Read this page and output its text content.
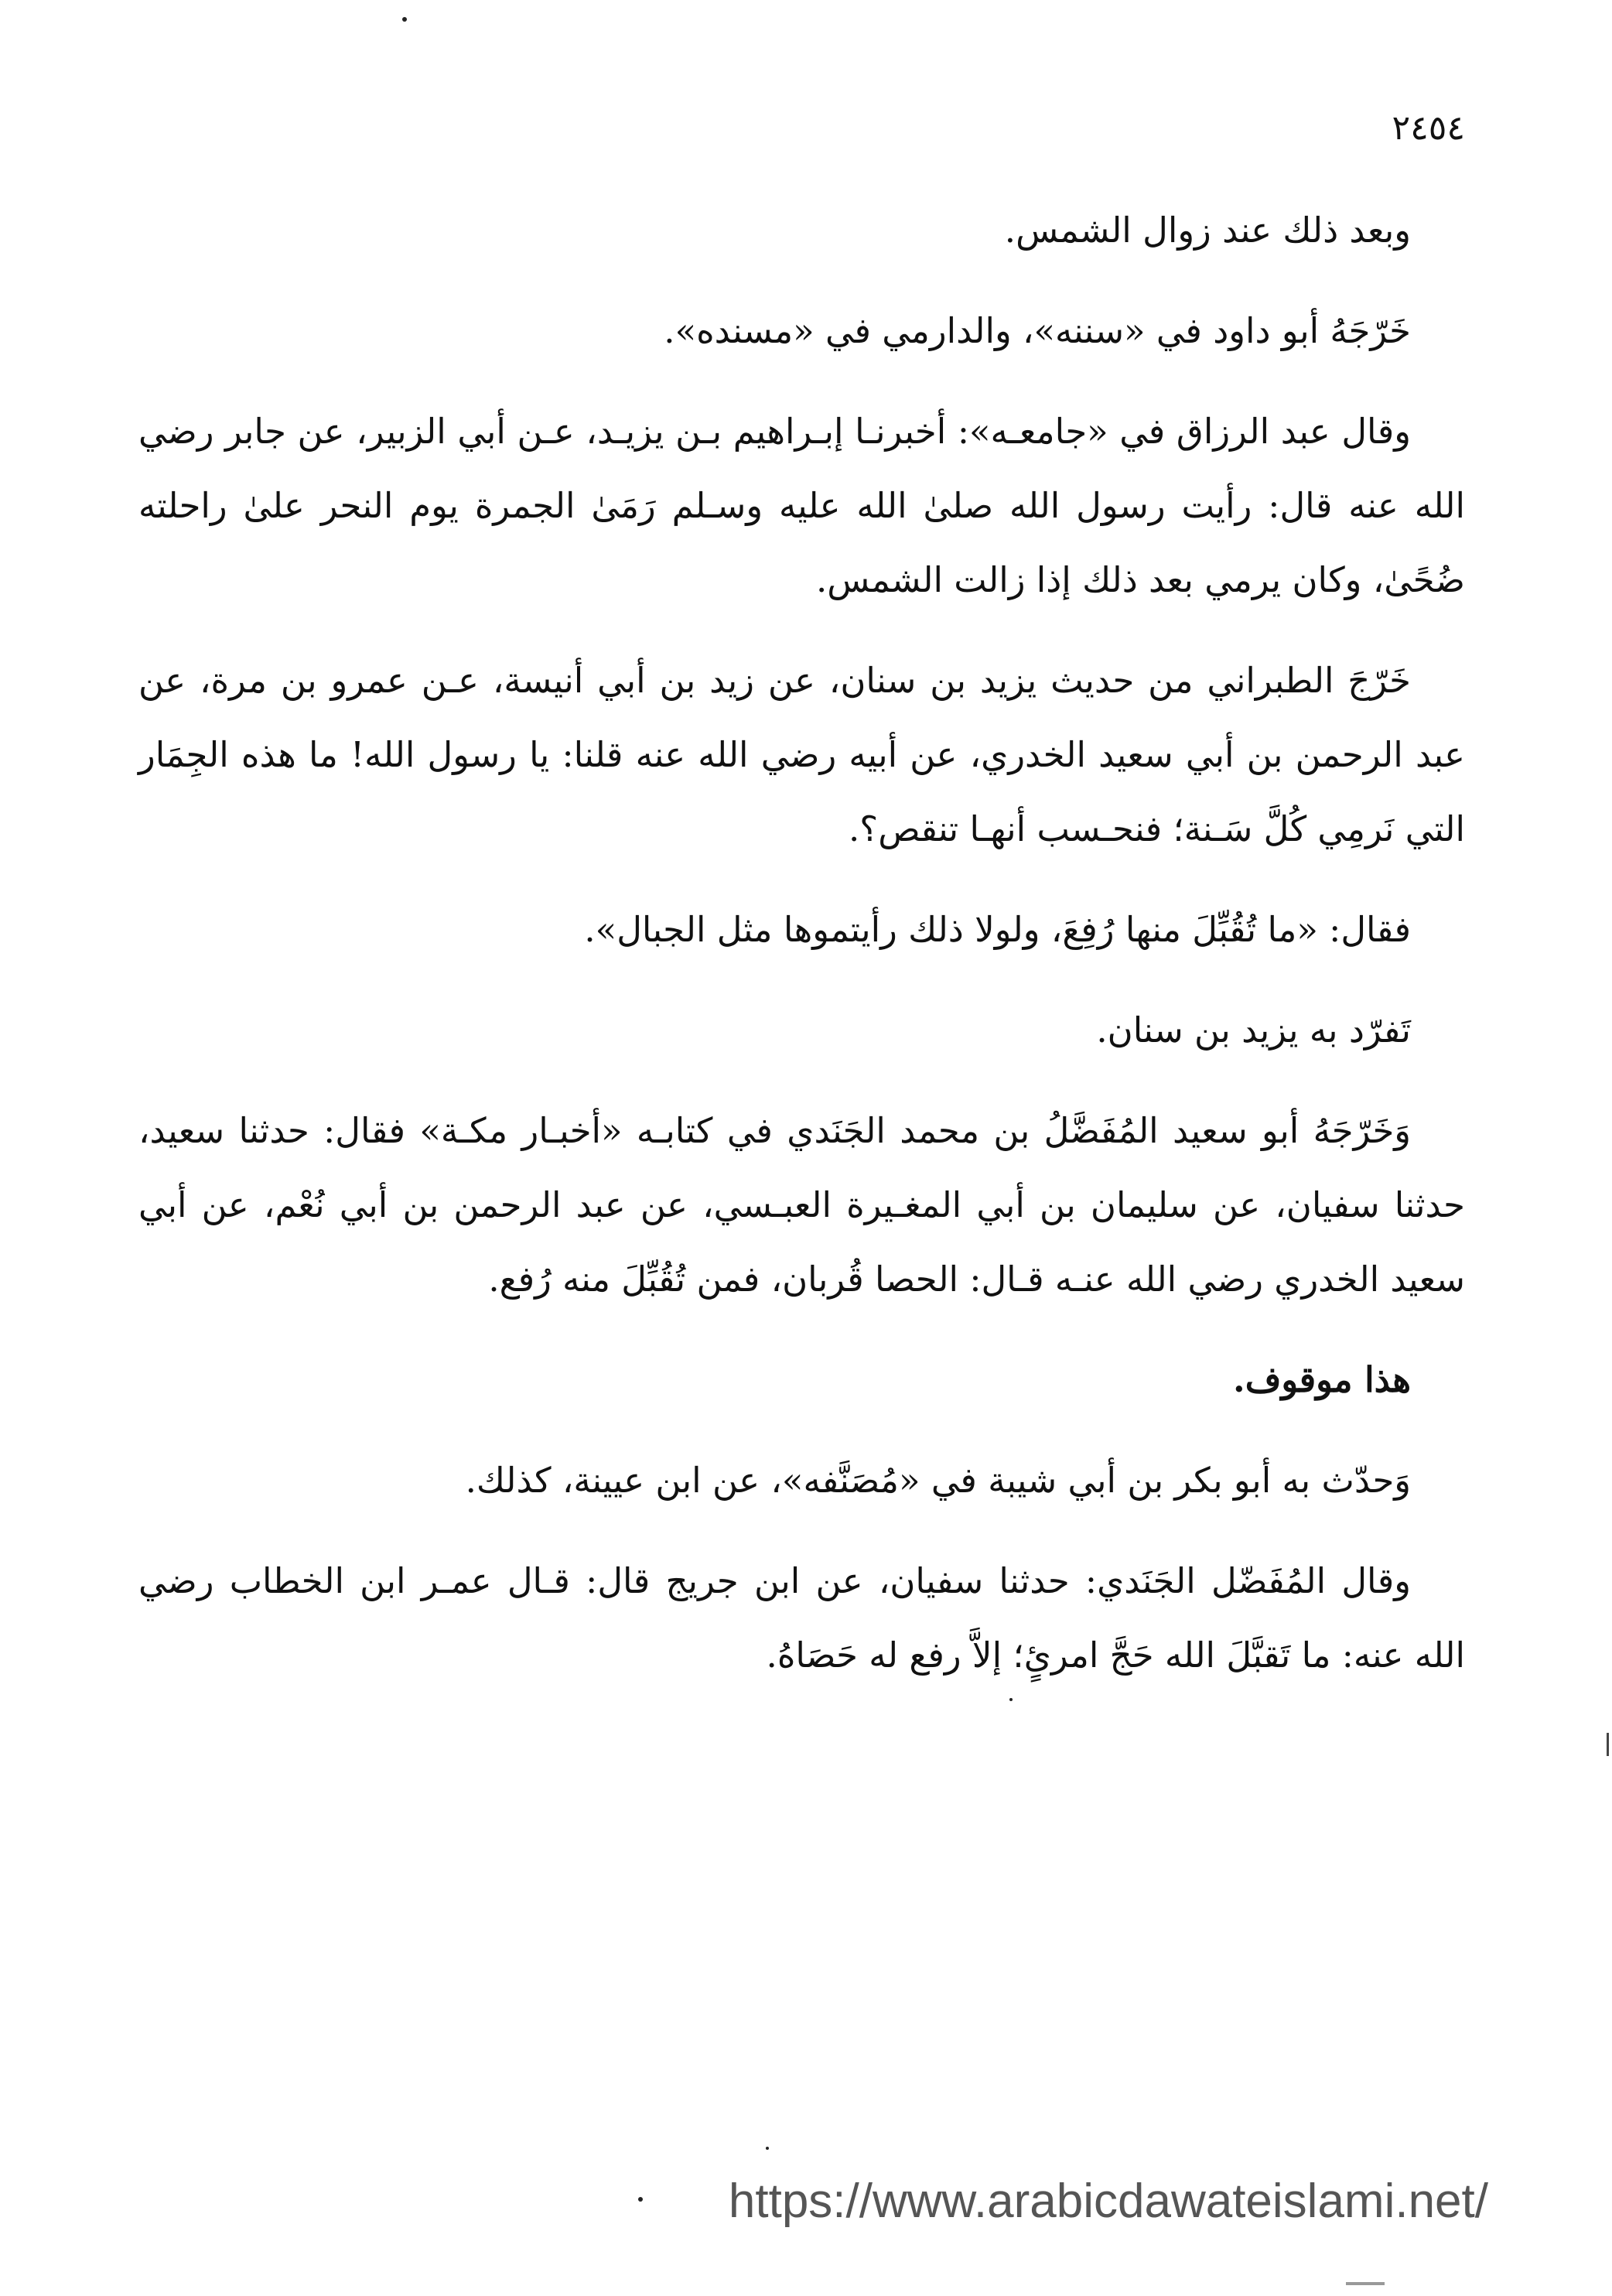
٢٤٥٤

وبعد ذلك عند زوال الشمس.

خَرّجَهُ أبو داود في «سننه»، والدارمي في «مسنده».

وقال عبد الرزاق في «جامعـه»: أخبرنـا إبـراهيم بـن يزيـد، عـن أبي الزبير، عن جابر رضي الله عنه قال: رأيت رسول الله صلىٰ الله عليه وسـلم رَمَىٰ الجمرة يوم النحر علىٰ راحلته ضُحًىٰ، وكان يرمي بعد ذلك إذا زالت الشمس.

خَرّجَ الطبراني من حديث يزيد بن سنان، عن زيد بن أبي أنيسة، عـن عمرو بن مرة، عن عبد الرحمن بن أبي سعيد الخدري، عن أبيه رضي الله عنه قلنا: يا رسول الله! ما هذه الجِمَار التي نَرمِي كُلَّ سَـنة؛ فنحـسب أنهـا تنقص؟.

فقال: «ما تُقُبِّلَ منها رُفِعَ، ولولا ذلك رأيتموها مثل الجبال».

تَفرّد به يزيد بن سنان.

وَخَرّجَهُ أبو سعيد المُفَضَّلُ بن محمد الجَنَدي في كتابـه «أخبـار مكـة» فقال: حدثنا سعيد، حدثنا سفيان، عن سليمان بن أبي المغـيرة العبـسي، عن عبد الرحمن بن أبي نُعْم، عن أبي سعيد الخدري رضي الله عنـه قـال: الحصا قُربان، فمن تُقُبِّلَ منه رُفع.

هذا موقوف.

وَحدّث به أبو بكر بن أبي شيبة في «مُصَنَّفه»، عن ابن عيينة، كذلك.

وقال المُفَضّل الجَنَدي: حدثنا سفيان، عن ابن جريج قال: قـال عمـر ابن الخطاب رضي الله عنه: ما تَقبَّلَ الله حَجَّ امرئٍ؛ إلاَّ رفع له حَصَاهُ.

https://www.arabicdawateislami.net/
